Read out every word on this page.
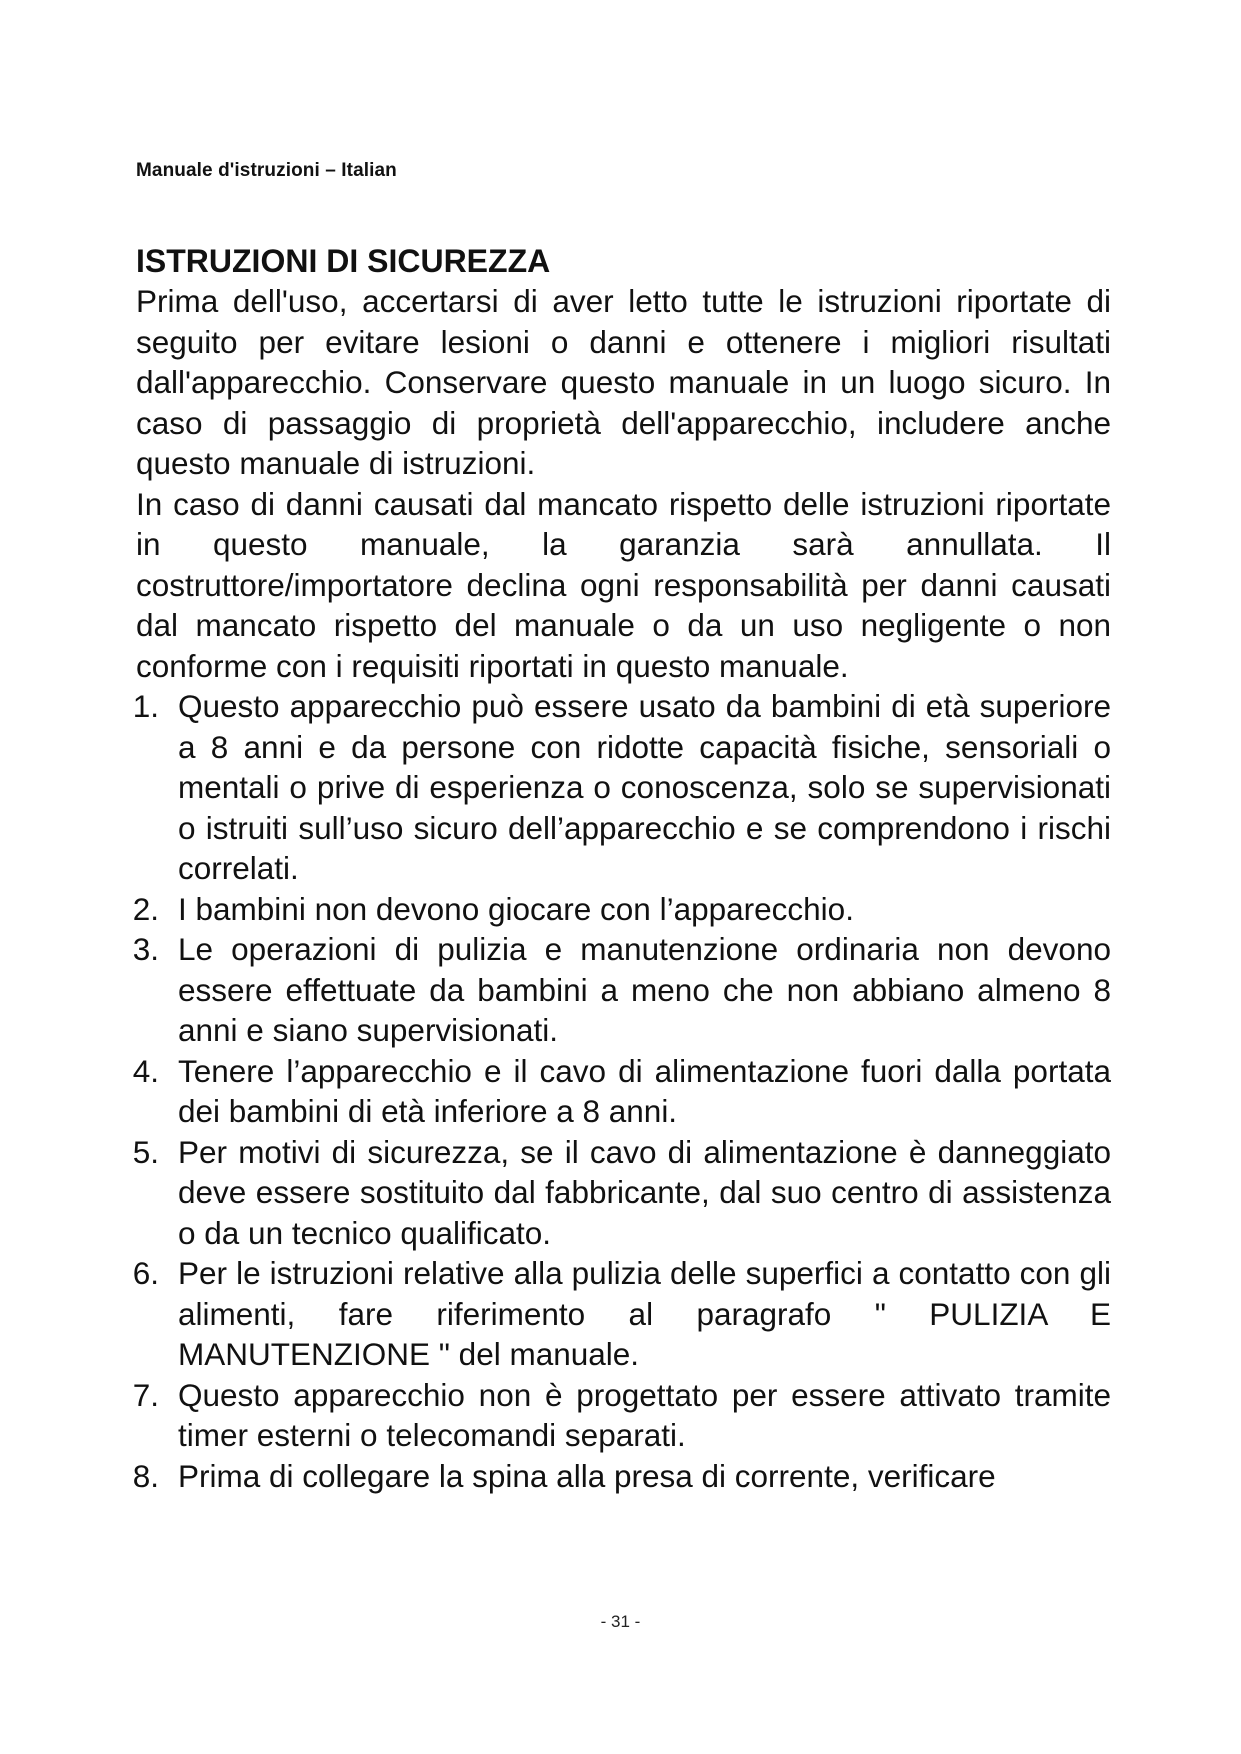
Manuale d'istruzioni – Italian
ISTRUZIONI DI SICUREZZA

Prima dell'uso, accertarsi di aver letto tutte le istruzioni riportate di seguito per evitare lesioni o danni e ottenere i migliori risultati dall'apparecchio. Conservare questo manuale in un luogo sicuro. In caso di passaggio di proprietà dell'apparecchio, includere anche questo manuale di istruzioni.

In caso di danni causati dal mancato rispetto delle istruzioni riportate in questo manuale, la garanzia sarà annullata. Il costruttore/importatore declina ogni responsabilità per danni causati dal mancato rispetto del manuale o da un uso negligente o non conforme con i requisiti riportati in questo manuale.

1. Questo apparecchio può essere usato da bambini di età superiore a 8 anni e da persone con ridotte capacità fisiche, sensoriali o mentali o prive di esperienza o conoscenza, solo se supervisionati o istruiti sull’uso sicuro dell’apparecchio e se comprendono i rischi correlati.
2. I bambini non devono giocare con l’apparecchio.
3. Le operazioni di pulizia e manutenzione ordinaria non devono essere effettuate da bambini a meno che non abbiano almeno 8 anni e siano supervisionati.
4. Tenere l’apparecchio e il cavo di alimentazione fuori dalla portata dei bambini di età inferiore a 8 anni.
5. Per motivi di sicurezza, se il cavo di alimentazione è danneggiato deve essere sostituito dal fabbricante, dal suo centro di assistenza o da un tecnico qualificato.
6. Per le istruzioni relative alla pulizia delle superfici a contatto con gli alimenti, fare riferimento al paragrafo " PULIZIA E MANUTENZIONE " del manuale.
7. Questo apparecchio non è progettato per essere attivato tramite timer esterni o telecomandi separati.
8. Prima di collegare la spina alla presa di corrente, verificare
- 31 -
